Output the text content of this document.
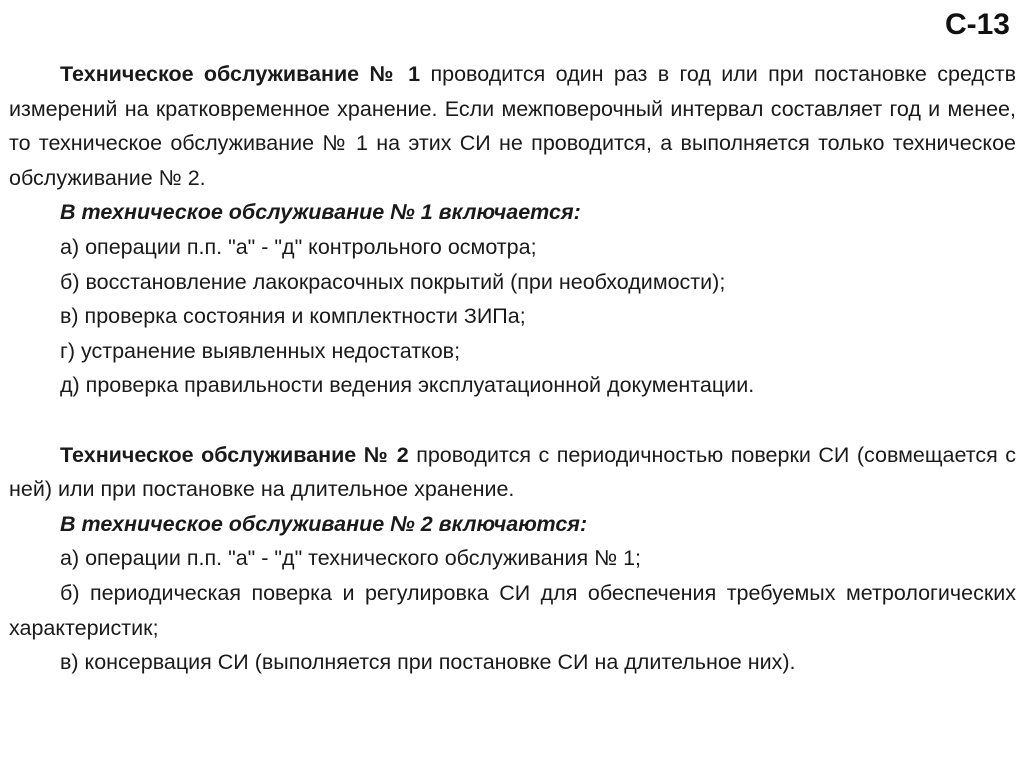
С-13

Техническое обслуживание № 1 проводится один раз в год или при постановке средств измерений на кратковременное хранение. Если межповерочный интервал составляет год и менее, то техническое обслуживание № 1 на этих СИ не проводится, а выполняется только техническое обслуживание № 2.

В техническое обслуживание № 1 включается:

а) операции п.п. "а" - "д" контрольного осмотра;

б) восстановление лакокрасочных покрытий (при необходимости);

в) проверка состояния и комплектности ЗИПа;

г) устранение выявленных недостатков;

д) проверка правильности ведения эксплуатационной документации.

Техническое обслуживание № 2 проводится с периодичностью поверки СИ (совмещается с ней) или при постановке на длительное хранение.

В техническое обслуживание № 2 включаются:

а) операции п.п. "а" - "д" технического обслуживания № 1;

б) периодическая поверка и регулировка СИ для обеспечения требуемых метрологических характеристик;

в) консервация СИ (выполняется при постановке СИ на длительное них).
